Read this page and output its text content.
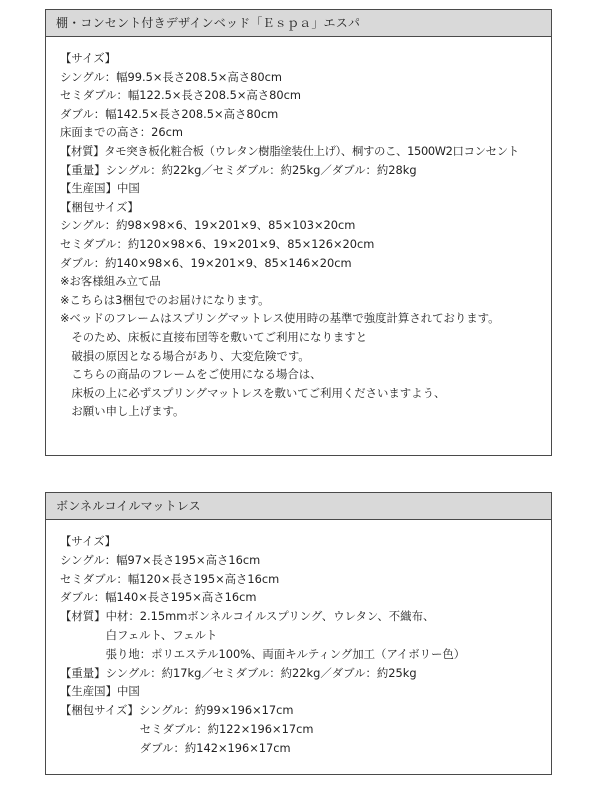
棚・コンセント付きデザインベッド「Ｅｓｐａ」エスパ
【サイズ】
シングル：幅99.5×長さ208.5×高さ80cm
セミダブル：幅122.5×長さ208.5×高さ80cm
ダブル：幅142.5×長さ208.5×高さ80cm
床面までの高さ：26cm
【材質】タモ突き板化粧合板（ウレタン樹脂塗装仕上げ）、桐すのこ、1500W2口コンセント
【重量】シングル：約22kg／セミダブル：約25kg／ダブル：約28kg
【生産国】中国
【梱包サイズ】
シングル：約98×98×6、19×201×9、85×103×20cm
セミダブル：約120×98×6、19×201×9、85×126×20cm
ダブル：約140×98×6、19×201×9、85×146×20cm
※お客様組み立て品
※こちらは3梱包でのお届けになります。
※ベッドのフレームはスプリングマットレス使用時の基準で強度計算されております。
　そのため、床板に直接布団等を敷いてご利用になりますと
　破損の原因となる場合があり、大変危険です。
　こちらの商品のフレームをご使用になる場合は、
　床板の上に必ずスプリングマットレスを敷いてご利用くださいますよう、
　お願い申し上げます。
ボンネルコイルマットレス
【サイズ】
シングル：幅97×長さ195×高さ16cm
セミダブル：幅120×長さ195×高さ16cm
ダブル：幅140×長さ195×高さ16cm
【材質】中材：2.15mmボンネルコイルスプリング、ウレタン、不織布、
　　　　白フェルト、フェルト
　　　　張り地：ポリエステル100%、両面キルティング加工（アイボリー色）
【重量】シングル：約17kg／セミダブル：約22kg／ダブル：約25kg
【生産国】中国
【梱包サイズ】シングル：約99×196×17cm
　　　　　　　セミダブル：約122×196×17cm
　　　　　　　ダブル：約142×196×17cm
